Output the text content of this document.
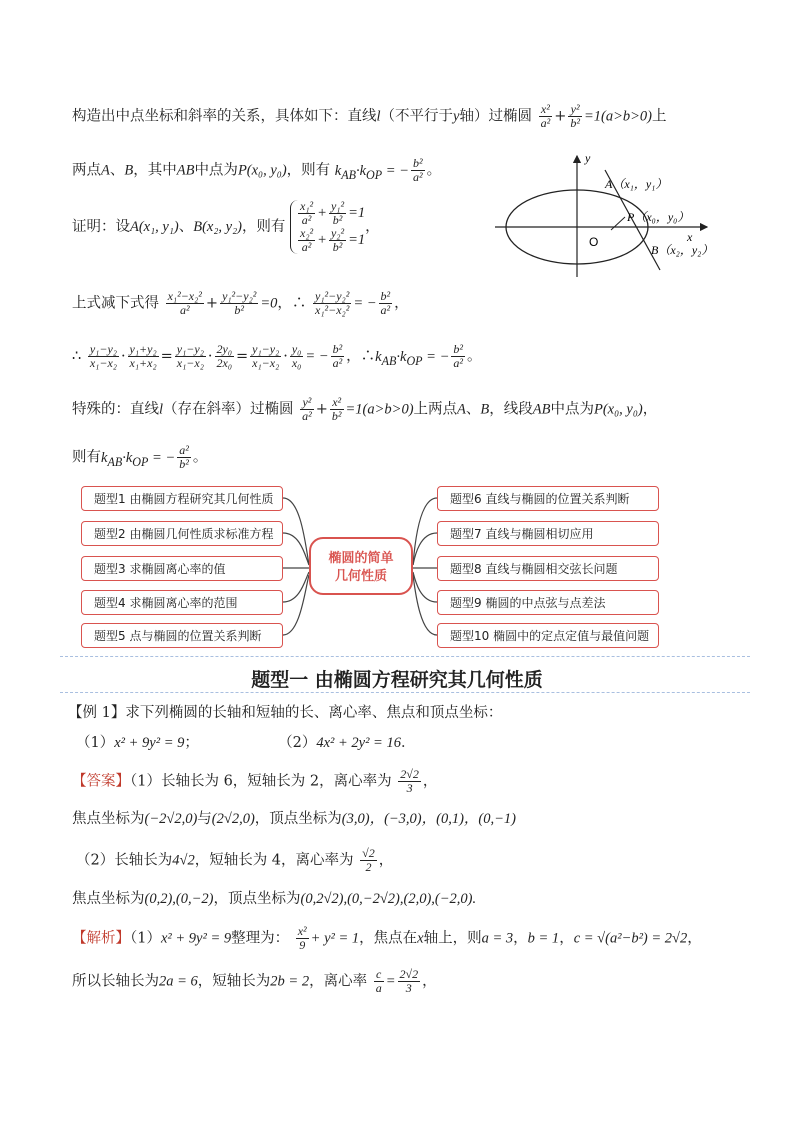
构造出中点坐标和斜率的关系，具体如下：直线l（不平行于y轴）过椭圆 $\frac{\text{x²}}{\text{a²}} + \frac{\text{y²}}{\text{b²}} =1(a>b>0)$上
两点A、B，其中AB中点为P(x₀, y₀)，则有 $k_{AB}\cdot k_{OP}$ = − $\frac{\text{b²}}{\text{a²}}$ 。
证明：设A(x₁, y₁)、B(x₂, y₂)，则有 $\frac{\text{x₁²}}{\text{a²}} + \frac{\text{y₁²}}{\text{b²}} =1$
$\frac{\text{x₂²}}{\text{a²}} + \frac{\text{y₂²}}{\text{b²}} =1$
，
上式减下式得 $\frac{\text{x₁²−x₂²}}{\text{a²}} + \frac{\text{y₁²−y₂²}}{\text{b²}} =0$，∴ $\frac{\text{y₁²−y₂²}}{\text{x₁²−x₂²}}$ = − $\frac{\text{b²}}{\text{a²}}$ ，
∴ $\frac{\text{y₁−y₂}}{\text{x₁−x₂}} \cdot \frac{\text{y₁+y₂}}{\text{x₁+x₂}} = \frac{\text{y₁−y₂}}{\text{x₁−x₂}} \cdot \frac{\text{2y₀}}{\text{2x₀}} = \frac{\text{y₁−y₂}}{\text{x₁−x₂}} \cdot \frac{\text{y₀}}{\text{x₀}}$ = − $\frac{\text{b²}}{\text{a²}}$ ，$\therefore k_{AB}\cdot k_{OP}$ = − $\frac{\text{b²}}{\text{a²}}$ 。
特殊的：直线l（存在斜率）过椭圆 $\frac{\text{y²}}{\text{a²}} + \frac{\text{x²}}{\text{b²}} =1(a>b>0)$上两点A、B，线段AB中点为P(x₀, y₀)，
则有$k_{AB}\cdot k_{OP}$ = − $\frac{\text{a²}}{\text{b²}}$ 。
y
x
O
A（x₁，y₁）
P（x₀，y₀）
B（x₂，y₂）
题型1 由椭圆方程研究其几何性质
题型2 由椭圆几何性质求标准方程
题型3 求椭圆离心率的值
题型4 求椭圆离心率的范围
题型5 点与椭圆的位置关系判断
椭圆的简单
几何性质
题型6 直线与椭圆的位置关系判断
题型7 直线与椭圆相切应用
题型8 直线与椭圆相交弦长问题
题型9 椭圆的中点弦与点差法
题型10 椭圆中的定点定值与最值问题
题型一 由椭圆方程研究其几何性质
【例 1】求下列椭圆的长轴和短轴的长、离心率、焦点和顶点坐标：
（1）x² + 9y² = 9；	（2）4x² + 2y² = 16．
【答案】（1）长轴长为 6，短轴长为 2，离心率为 $\frac{2√2}{3}$ ，
焦点坐标为(−2√2,0)与(2√2,0)，顶点坐标为(3,0)，(−3,0)，(0,1)，(0,−1)
（2）长轴长为4√2，短轴长为 4，离心率为 $\frac{√2}{2}$ ，
焦点坐标为(0,2),(0,−2)，顶点坐标为(0,2√2),(0,−2√2),(2,0),(−2,0).
【解析】（1）x² + 9y² = 9整理为： $\frac{\text{x²}}{9} + y^2 = 1$，焦点在x轴上，则a = 3，b = 1，c = √(a²−b²) = 2√2，
所以长轴长为2a = 6，短轴长为2b = 2，离心率 $\frac{c}{a} = \frac{2√2}{3}$ ，
